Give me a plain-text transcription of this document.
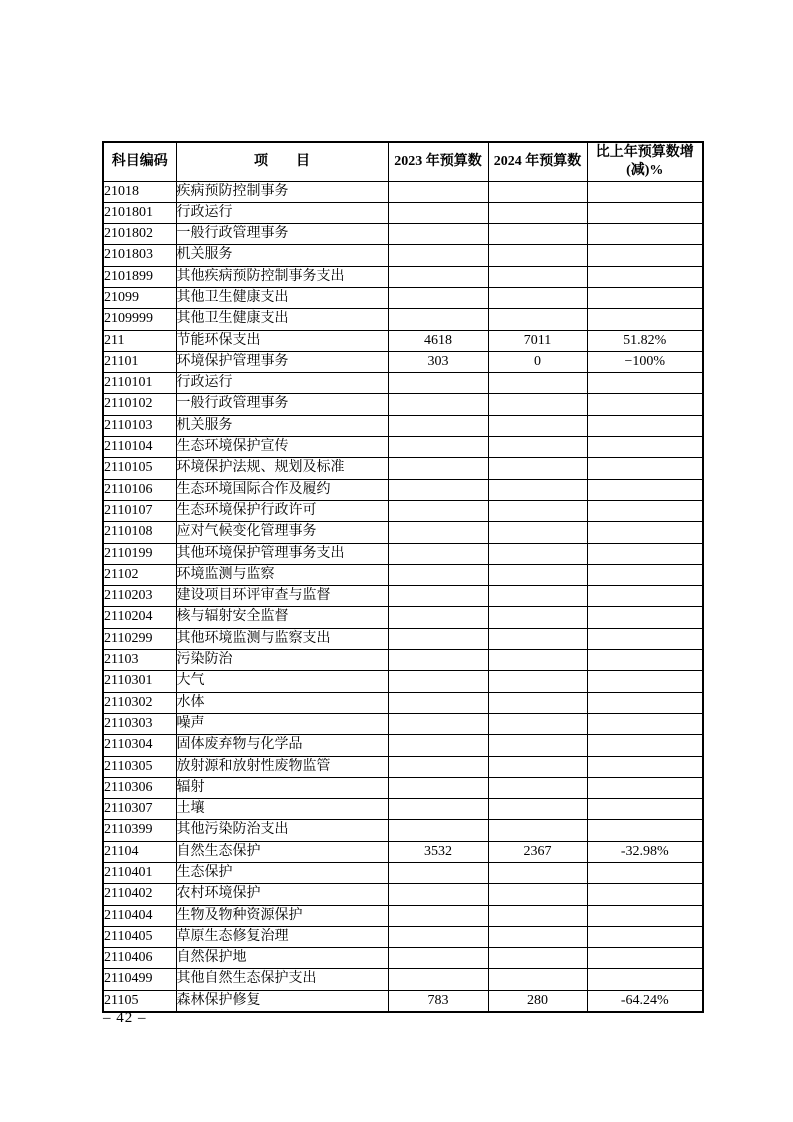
科目编码	项　　目	2023 年预算数	2024 年预算数	比上年预算数增(减)%
21018	疾病预防控制事务			
2101801	行政运行			
2101802	一般行政管理事务			
2101803	机关服务			
2101899	其他疾病预防控制事务支出			
21099	其他卫生健康支出			
2109999	其他卫生健康支出			
211	节能环保支出	4618	7011	51.82%
21101	环境保护管理事务	303	0	−100%
2110101	行政运行			
2110102	一般行政管理事务			
2110103	机关服务			
2110104	生态环境保护宣传			
2110105	环境保护法规、规划及标准			
2110106	生态环境国际合作及履约			
2110107	生态环境保护行政许可			
2110108	应对气候变化管理事务			
2110199	其他环境保护管理事务支出			
21102	环境监测与监察			
2110203	建设项目环评审查与监督			
2110204	核与辐射安全监督			
2110299	其他环境监测与监察支出			
21103	污染防治			
2110301	大气			
2110302	水体			
2110303	噪声			
2110304	固体废弃物与化学品			
2110305	放射源和放射性废物监管			
2110306	辐射			
2110307	土壤			
2110399	其他污染防治支出			
21104	自然生态保护	3532	2367	-32.98%
2110401	生态保护			
2110402	农村环境保护			
2110404	生物及物种资源保护			
2110405	草原生态修复治理			
2110406	自然保护地			
2110499	其他自然生态保护支出			
21105	森林保护修复	783	280	-64.24%
– 42 –
